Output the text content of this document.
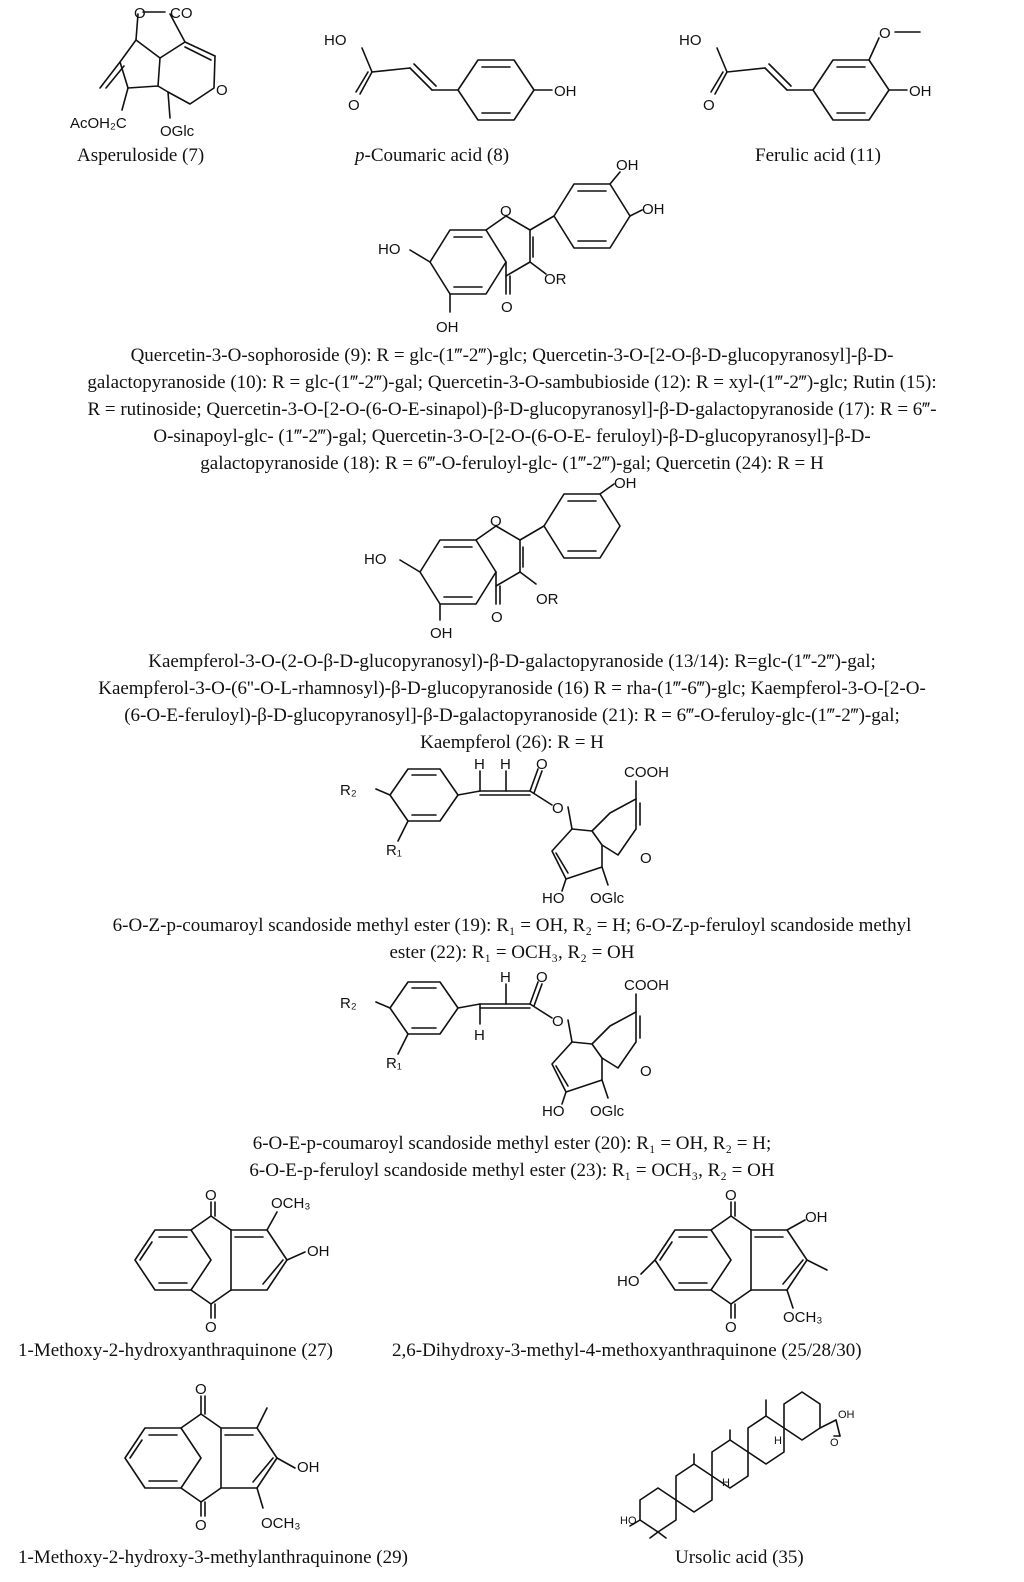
O CO
O
AcOH₂C OGlc
Asperuloside (7)
HO
O
OH
p-Coumaric acid (8)
HO
O
O
OH
Ferulic acid (11)
O
HO
OH
O
OR
OH
OH
Quercetin-3-O-sophoroside (9): R = glc-(1‴-2‴)-glc; Quercetin-3-O-[2-O-β-D-glucopyranosyl]-β-D-
galactopyranoside (10): R = glc-(1‴-2‴)-gal; Quercetin-3-O-sambubioside (12): R = xyl-(1‴-2‴)-glc; Rutin (15):
R = rutinoside; Quercetin-3-O-[2-O-(6-O-E-sinapol)-β-D-glucopyranosyl]-β-D-galactopyranoside (17): R = 6‴-
O-sinapoyl-glc- (1‴-2‴)-gal; Quercetin-3-O-[2-O-(6-O-E- feruloyl)-β-D-glucopyranosyl]-β-D-
galactopyranoside (18): R = 6‴-O-feruloyl-glc- (1‴-2‴)-gal; Quercetin (24): R = H
O
HO
OH
O
OR
OH
Kaempferol-3-O-(2-O-β-D-glucopyranosyl)-β-D-galactopyranoside (13/14): R=glc-(1‴-2‴)-gal;
Kaempferol-3-O-(6''-O-L-rhamnosyl)-β-D-glucopyranoside (16) R = rha-(1‴-6‴)-glc; Kaempferol-3-O-[2-O-
(6-O-E-feruloyl)-β-D-glucopyranosyl]-β-D-galactopyranoside (21): R = 6‴-O-feruloy-glc-(1‴-2‴)-gal;
Kaempferol (26): R = H
H H O
O
COOH
O
R₂
R₁
HO OGlc
6-O-Z-p-coumaroyl scandoside methyl ester (19): R₁ = OH, R₂ = H; 6-O-Z-p-feruloyl scandoside methyl
ester (22): R₁ = OCH₃, R₂ = OH
H
H
O
O
COOH
O
R₂
R₁
HO OGlc
6-O-E-p-coumaroyl scandoside methyl ester (20): R₁ = OH, R₂ = H;
6-O-E-p-feruloyl scandoside methyl ester (23): R₁ = OCH₃, R₂ = OH
O
O
OCH₃
OH
O
O
HO
OH
OCH₃
1-Methoxy-2-hydroxyanthraquinone (27)	2,6-Dihydroxy-3-methyl-4-methoxyanthraquinone (25/28/30)
O
O
OH
OCH₃
OH
O
HO
H
H
1-Methoxy-2-hydroxy-3-methylanthraquinone (29)	Ursolic acid (35)
